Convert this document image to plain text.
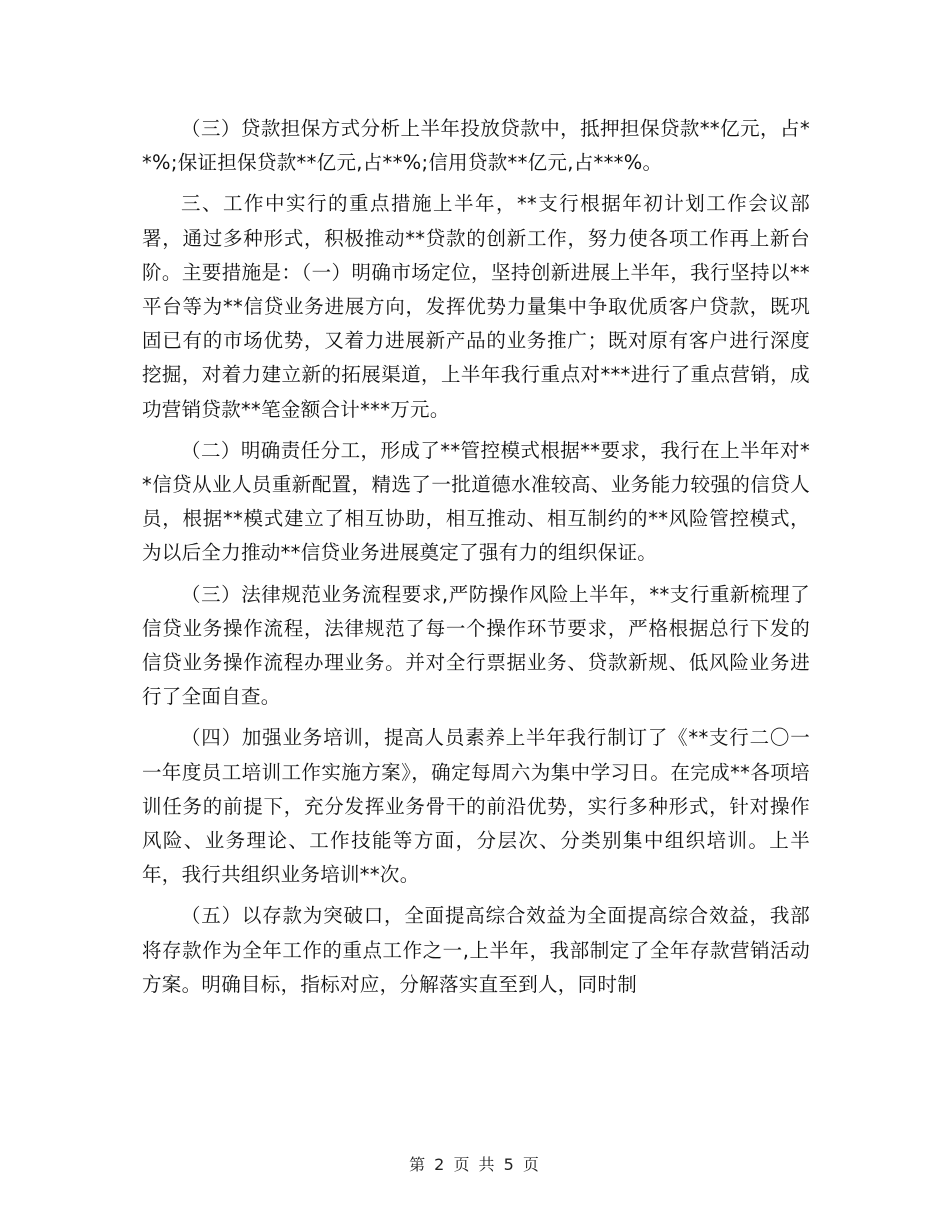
（三）贷款担保方式分析上半年投放贷款中，抵押担保贷款**亿元，占**%;保证担保贷款**亿元,占**%;信用贷款**亿元,占***%。

三、工作中实行的重点措施上半年，**支行根据年初计划工作会议部署，通过多种形式，积极推动**贷款的创新工作，努力使各项工作再上新台阶。主要措施是：（一）明确市场定位，坚持创新进展上半年，我行坚持以**平台等为**信贷业务进展方向，发挥优势力量集中争取优质客户贷款，既巩固已有的市场优势，又着力进展新产品的业务推广；既对原有客户进行深度挖掘，对着力建立新的拓展渠道，上半年我行重点对***进行了重点营销，成功营销贷款**笔金额合计***万元。

（二）明确责任分工，形成了**管控模式根据**要求，我行在上半年对**信贷从业人员重新配置，精选了一批道德水准较高、业务能力较强的信贷人员，根据**模式建立了相互协助，相互推动、相互制约的**风险管控模式，为以后全力推动**信贷业务进展奠定了强有力的组织保证。

（三）法律规范业务流程要求,严防操作风险上半年，**支行重新梳理了信贷业务操作流程，法律规范了每一个操作环节要求，严格根据总行下发的信贷业务操作流程办理业务。并对全行票据业务、贷款新规、低风险业务进行了全面自查。

（四）加强业务培训，提高人员素养上半年我行制订了《**支行二〇一一年度员工培训工作实施方案》，确定每周六为集中学习日。在完成**各项培训任务的前提下，充分发挥业务骨干的前沿优势，实行多种形式，针对操作风险、业务理论、工作技能等方面，分层次、分类别集中组织培训。上半年，我行共组织业务培训**次。

（五）以存款为突破口，全面提高综合效益为全面提高综合效益，我部将存款作为全年工作的重点工作之一,上半年，我部制定了全年存款营销活动方案。明确目标，指标对应，分解落实直至到人，同时制

第 2 页 共 5 页
